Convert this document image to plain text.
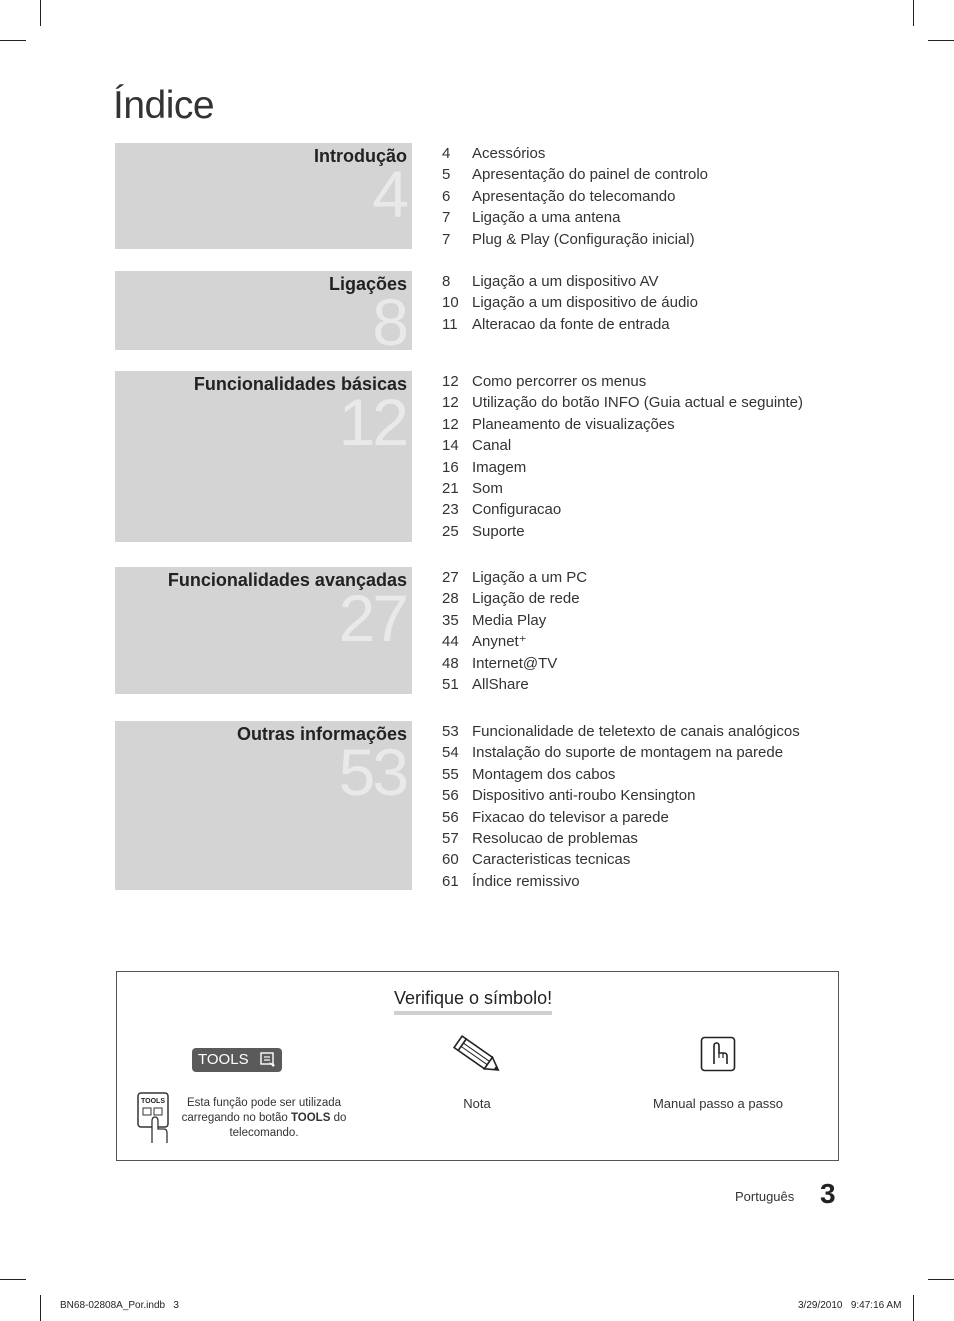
Índice
Introdução
4
4 Acessórios
5 Apresentação do painel de controlo
6 Apresentação do telecomando
7 Ligação a uma antena
7 Plug & Play (Configuração inicial)
Ligações
8
8 Ligação a um dispositivo AV
10 Ligação a um dispositivo de áudio
11 Alteracao da fonte de entrada
Funcionalidades básicas
12
12 Como percorrer os menus
12 Utilização do botão INFO (Guia actual e seguinte)
12 Planeamento de visualizações
14 Canal
16 Imagem
21 Som
23 Configuracao
25 Suporte
Funcionalidades avançadas
27
27 Ligação a um PC
28 Ligação de rede
35 Media Play
44 Anynet⁺
48 Internet@TV
51 AllShare
Outras informações
53
53 Funcionalidade de teletexto de canais analógicos
54 Instalação do suporte de montagem na parede
55 Montagem dos cabos
56 Dispositivo anti-roubo Kensington
56 Fixacao do televisor a parede
57 Resolucao de problemas
60 Caracteristicas tecnicas
61 Índice remissivo
Verifique o símbolo!
TOOLS
TOOLS	Esta função pode ser utilizada carregando no botão TOOLS do telecomando.
Nota	Manual passo a passo
Português 3
BN68-02808A_Por.indb   3	3/29/2010   9:47:16 AM
